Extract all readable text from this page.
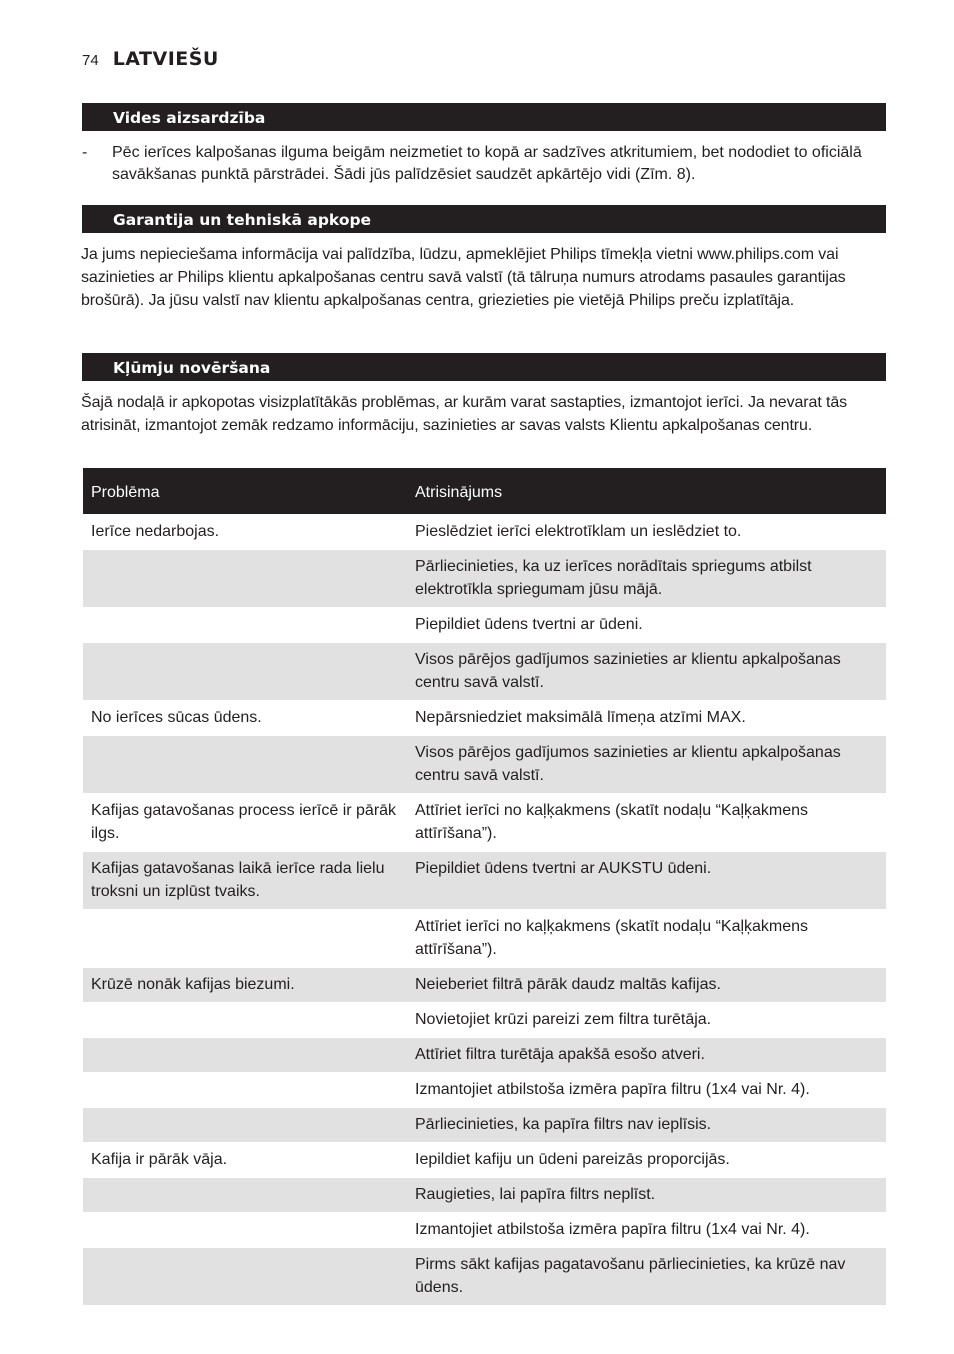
74 LATVIEŠU
Vides aizsardzība
-	Pēc ierīces kalpošanas ilguma beigām neizmetiet to kopā ar sadzīves atkritumiem, bet nododiet to oficiālā savākšanas punktā pārstrādei. Šādi jūs palīdzēsiet saudzēt apkārtējo vidi (Zīm. 8).
Garantija un tehniskā apkope
Ja jums nepieciešama informācija vai palīdzība, lūdzu, apmeklējiet Philips tīmekļa vietni www.philips.com vai sazinieties ar Philips klientu apkalpošanas centru savā valstī (tā tālruņa numurs atrodams pasaules garantijas brošūrā). Ja jūsu valstī nav klientu apkalpošanas centra, griezieties pie vietējā Philips preču izplatītāja.
Kļūmju novēršana
Šajā nodaļā ir apkopotas visizplatītākās problēmas, ar kurām varat sastapties, izmantojot ierīci. Ja nevarat tās atrisināt, izmantojot zemāk redzamo informāciju, sazinieties ar savas valsts Klientu apkalpošanas centru.
Problēma	Atrisinājums
Ierīce nedarbojas.	Pieslēdziet ierīci elektrotīklam un ieslēdziet to.
	Pārliecinieties, ka uz ierīces norādītais spriegums atbilst elektrotīkla spriegumam jūsu mājā.
	Piepildiet ūdens tvertni ar ūdeni.
	Visos pārējos gadījumos sazinieties ar klientu apkalpošanas centru savā valstī.
No ierīces sūcas ūdens.	Nepārsniedziet maksimālā līmeņa atzīmi MAX.
	Visos pārējos gadījumos sazinieties ar klientu apkalpošanas centru savā valstī.
Kafijas gatavošanas process ierīcē ir pārāk ilgs.	Attīriet ierīci no kaļķakmens (skatīt nodaļu “Kaļķakmens attīrīšana”).
Kafijas gatavošanas laikā ierīce rada lielu troksni un izplūst tvaiks.	Piepildiet ūdens tvertni ar AUKSTU ūdeni.
	Attīriet ierīci no kaļķakmens (skatīt nodaļu “Kaļķakmens attīrīšana”).
Krūzē nonāk kafijas biezumi.	Neieberiet filtrā pārāk daudz maltās kafijas.
	Novietojiet krūzi pareizi zem filtra turētāja.
	Attīriet filtra turētāja apakšā esošo atveri.
	Izmantojiet atbilstoša izmēra papīra filtru (1x4 vai Nr. 4).
	Pārliecinieties, ka papīra filtrs nav ieplīsis.
Kafija ir pārāk vāja.	Iepildiet kafiju un ūdeni pareizās proporcijās.
	Raugieties, lai papīra filtrs neplīst.
	Izmantojiet atbilstoša izmēra papīra filtru (1x4 vai Nr. 4).
	Pirms sākt kafijas pagatavošanu pārliecinieties, ka krūzē nav ūdens.
